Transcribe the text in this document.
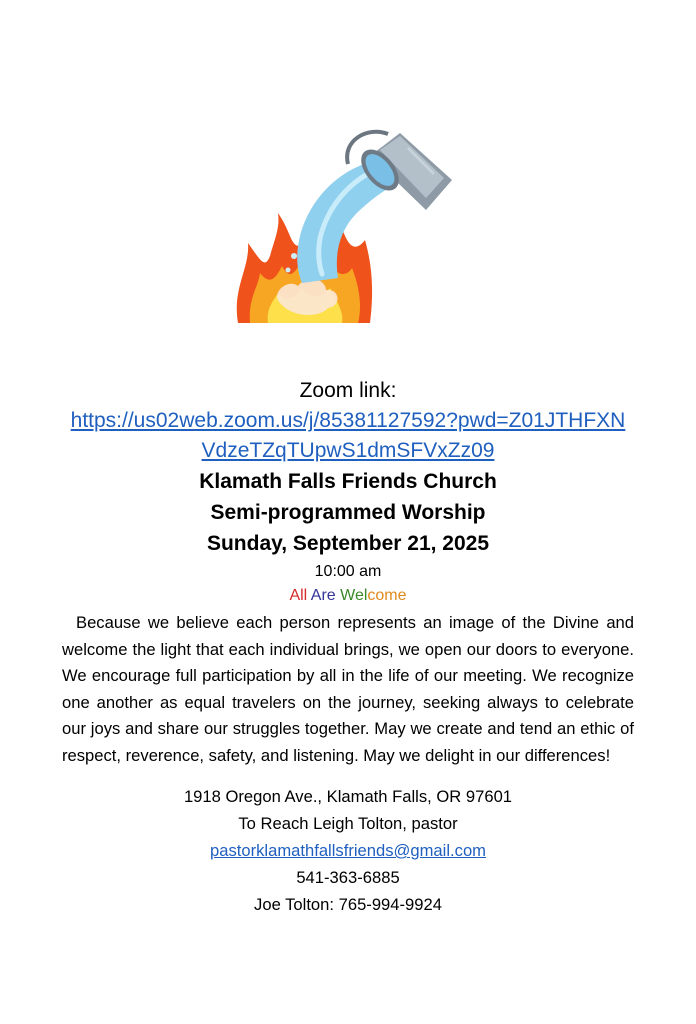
Zoom link:
https://us02web.zoom.us/j/85381127592?pwd=Z01JTHFXN
VdzeTZqTUpwS1dmSFVxZz09
Klamath Falls Friends Church
Semi-programmed Worship
Sunday, September 21, 2025
10:00 am
All Are Welcome
Because we believe each person represents an image of the Divine and welcome the light that each individual brings, we open our doors to everyone. We encourage full participation by all in the life of our meeting. We recognize one another as equal travelers on the journey, seeking always to celebrate our joys and share our struggles together. May we create and tend an ethic of respect, reverence, safety, and listening. May we delight in our differences!
1918 Oregon Ave., Klamath Falls, OR 97601
To Reach Leigh Tolton, pastor
pastorklamathfallsfriends@gmail.com
541-363-6885
Joe Tolton: 765-994-9924
